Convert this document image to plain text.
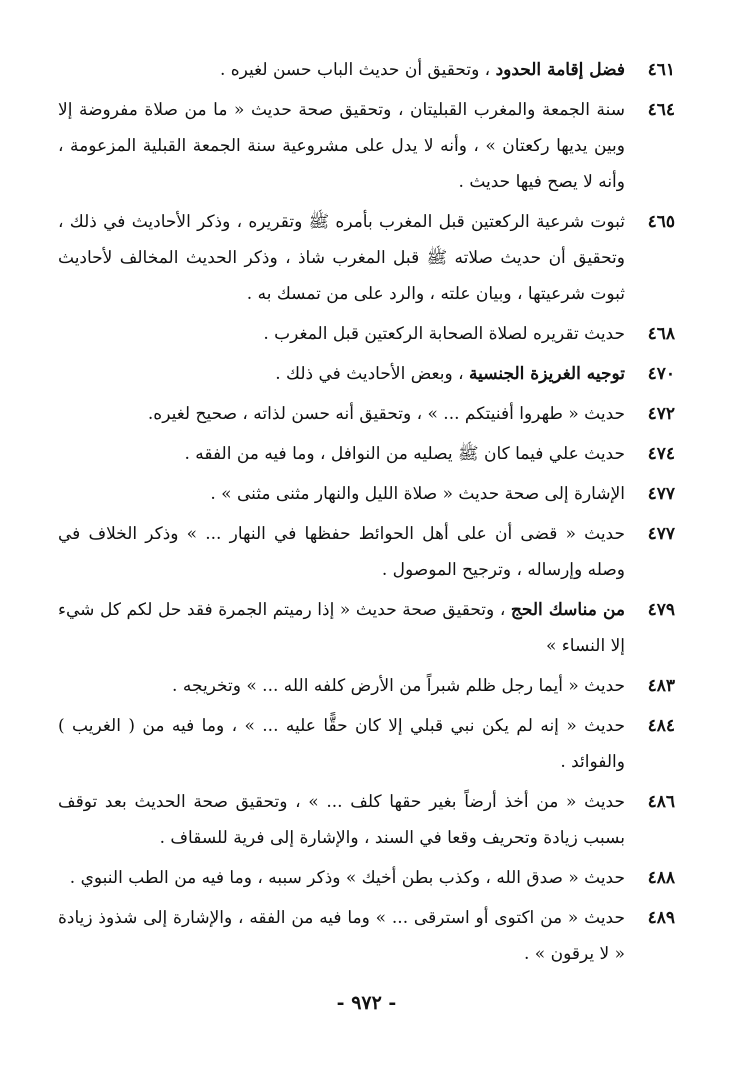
٤٦١
فضل إقامة الحدود ، وتحقيق أن حديث الباب حسن لغيره .
٤٦٤
سنة الجمعة والمغرب القبليتان ، وتحقيق صحة حديث « ما من صلاة مفروضة إلا وبين يديها ركعتان » ، وأنه لا يدل على مشروعية سنة الجمعة القبلية المزعومة ، وأنه لا يصح فيها حديث .
٤٦٥
ثبوت شرعية الركعتين قبل المغرب بأمره ﷺ وتقريره ، وذكر الأحاديث في ذلك ، وتحقيق أن حديث صلاته ﷺ قبل المغرب شاذ ، وذكر الحديث المخالف لأحاديث ثبوت شرعيتها ، وبيان علته ، والرد على من تمسك به .
٤٦٨
حديث تقريره لصلاة الصحابة الركعتين قبل المغرب .
٤٧٠
توجيه الغريزة الجنسية ، وبعض الأحاديث في ذلك .
٤٧٢
حديث « طهروا أفنيتكم ... » ، وتحقيق أنه حسن لذاته ، صحيح لغيره.
٤٧٤
حديث علي فيما كان ﷺ يصليه من النوافل ، وما فيه من الفقه .
٤٧٧
الإشارة إلى صحة حديث « صلاة الليل والنهار مثنى مثنى » .
٤٧٧
حديث « قضى أن على أهل الحوائط حفظها في النهار ... » وذكر الخلاف في وصله وإرساله ، وترجيح الموصول .
٤٧٩
من مناسك الحج ، وتحقيق صحة حديث « إذا رميتم الجمرة فقد حل لكم كل شيء إلا النساء »
٤٨٣
حديث « أيما رجل ظلم شبراً من الأرض كلفه الله ... » وتخريجه .
٤٨٤
حديث « إنه لم يكن نبي قبلي إلا كان حقًّا عليه ... » ، وما فيه من ( الغريب ) والفوائد .
٤٨٦
حديث « من أخذ أرضاً بغير حقها كلف ... » ، وتحقيق صحة الحديث بعد توقف بسبب زيادة وتحريف وقعا في السند ، والإشارة إلى فرية للسقاف .
٤٨٨
حديث « صدق الله ، وكذب بطن أخيك » وذكر سببه ، وما فيه من الطب النبوي .
٤٨٩
حديث « من اكتوى أو استرقى ... » وما فيه من الفقه ، والإشارة إلى شذوذ زيادة « لا يرقون » .
- ٩٧٢ -
